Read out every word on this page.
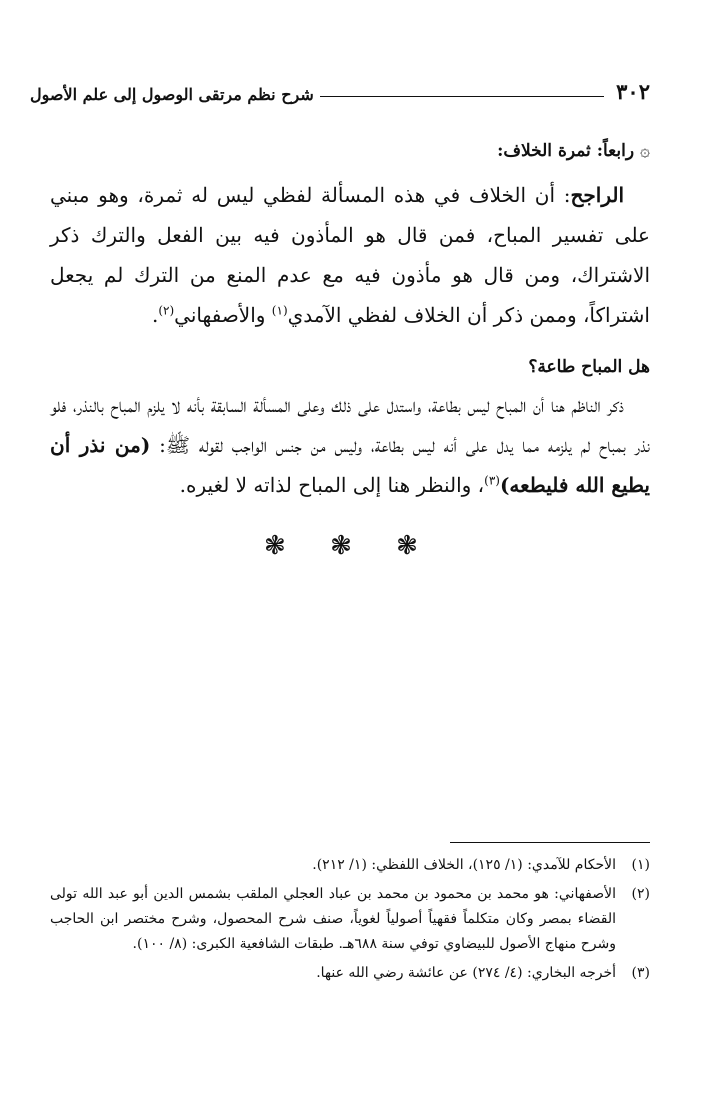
٣٠٢
شرح نظم مرتقى الوصول إلى علم الأصول
۞رابعاً: ثمرة الخلاف:

الراجح: أن الخلاف في هذه المسألة لفظي ليس له ثمرة، وهو مبني على تفسير المباح، فمن قال هو المأذون فيه بين الفعل والترك ذكر الاشتراك، ومن قال هو مأذون فيه مع عدم المنع من الترك لم يجعل اشتراكاً، وممن ذكر أن الخلاف لفظي الآمدي$^{(١)}$ والأصفهاني$^{(٢)}$.

هل المباح طاعة؟

ذكر الناظم هنا أن المباح ليس بطاعة، واستدل على ذلك وعلى المسألة السابقة بأنه لا يلزم المباح بالنذر، فلو نذر بمباح لم يلزمه مما يدل على أنه ليس بطاعة، وليس من جنس الواجب لقوله ﷺ: (من نذر أن يطيع الله فليطعه)$^{(٣)}$، والنظر هنا إلى المباح لذاته لا لغيره.

❃ ❃ ❃
(١)
الأحكام للآمدي: (١/ ١٢٥)، الخلاف اللفظي: (١/ ٢١٢).
(٢)
الأصفهاني: هو محمد بن محمود بن محمد بن عباد العجلي الملقب بشمس الدين أبو عبد الله تولى القضاء بمصر وكان متكلماً فقهياً أصولياً لغوياً، صنف شرح المحصول، وشرح مختصر ابن الحاجب وشرح منهاج الأصول للبيضاوي توفي سنة ٦٨٨هـ. طبقات الشافعية الكبرى: (٨/ ١٠٠).
(٣)
أخرجه البخاري: (٤/ ٢٧٤) عن عائشة رضي الله عنها.
